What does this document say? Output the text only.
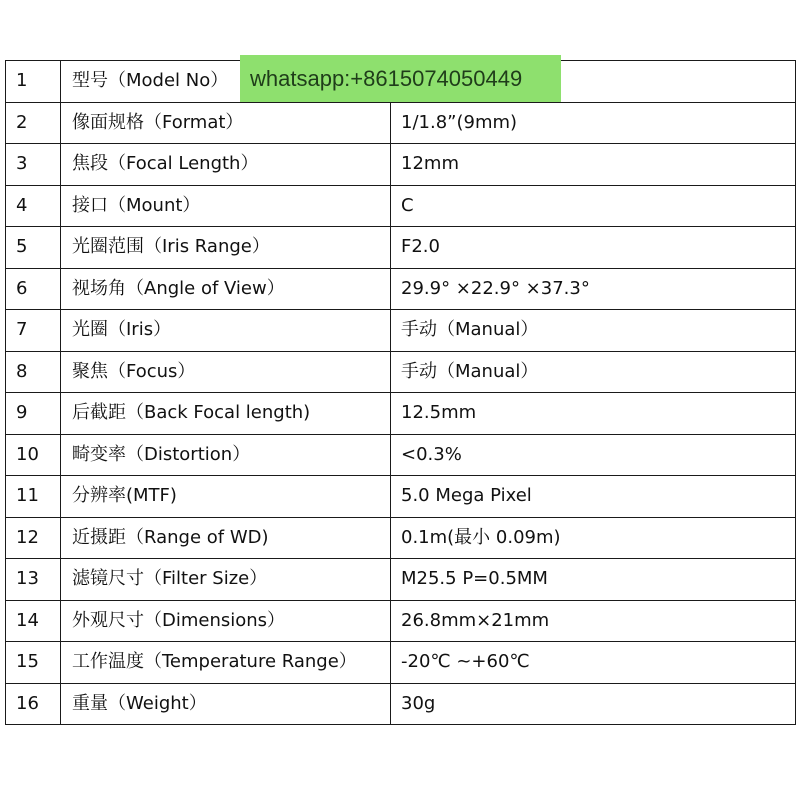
1	型号（Model No）	
2	像面规格（Format）	1/1.8”(9mm)
3	焦段（Focal Length）	12mm
4	接口（Mount）	C
5	光圈范围（Iris Range）	F2.0
6	视场角（Angle of View）	29.9° ×22.9° ×37.3°
7	光圈（Iris）	手动（Manual）
8	聚焦（Focus）	手动（Manual）
9	后截距（Back Focal length)	12.5mm
10	畸变率（Distortion）	<0.3%
11	分辨率(MTF)	5.0 Mega Pixel
12	近摄距（Range of WD)	0.1m(最小 0.09m)
13	滤镜尺寸（Filter Size）	M25.5 P=0.5MM
14	外观尺寸（Dimensions）	26.8mm×21mm
15	工作温度（Temperature Range）	-20℃ ~+60℃
16	重量（Weight）	30g
whatsapp:+8615074050449
